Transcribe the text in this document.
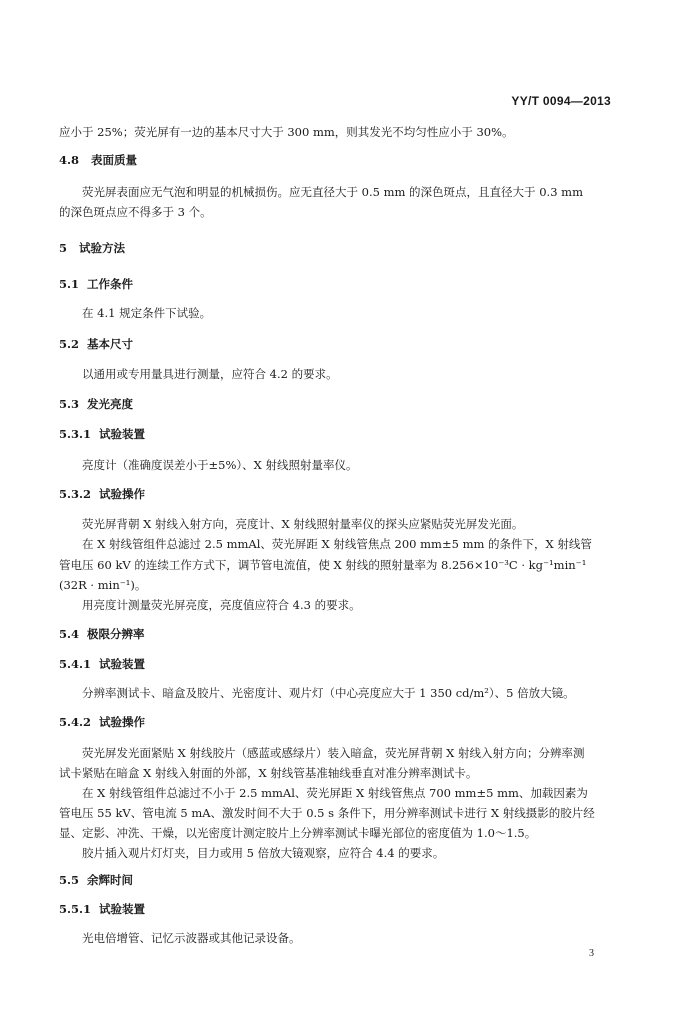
YY/T 0094—2013
应小于 25%；荧光屏有一边的基本尺寸大于 300 mm，则其发光不均匀性应小于 30%。
4.8 表面质量
荧光屏表面应无气泡和明显的机械损伤。应无直径大于 0.5 mm 的深色斑点，且直径大于 0.3 mm
的深色斑点应不得多于 3 个。
5 试验方法
5.1 工作条件
在 4.1 规定条件下试验。
5.2 基本尺寸
以通用或专用量具进行测量，应符合 4.2 的要求。
5.3 发光亮度
5.3.1 试验装置
亮度计（准确度误差小于±5%）、X 射线照射量率仪。
5.3.2 试验操作
荧光屏背朝 X 射线入射方向，亮度计、X 射线照射量率仪的探头应紧贴荧光屏发光面。
在 X 射线管组件总滤过 2.5 mmAl、荧光屏距 X 射线管焦点 200 mm±5 mm 的条件下，X 射线管
管电压 60 kV 的连续工作方式下，调节管电流值，使 X 射线的照射量率为 8.256×10⁻³C · kg⁻¹min⁻¹
(32R · min⁻¹)。
用亮度计测量荧光屏亮度，亮度值应符合 4.3 的要求。
5.4 极限分辨率
5.4.1 试验装置
分辨率测试卡、暗盒及胶片、光密度计、观片灯（中心亮度应大于 1 350 cd/m²）、5 倍放大镜。
5.4.2 试验操作
荧光屏发光面紧贴 X 射线胶片（感蓝或感绿片）装入暗盒，荧光屏背朝 X 射线入射方向；分辨率测
试卡紧贴在暗盒 X 射线入射面的外部，X 射线管基准轴线垂直对准分辨率测试卡。
在 X 射线管组件总滤过不小于 2.5 mmAl、荧光屏距 X 射线管焦点 700 mm±5 mm、加载因素为
管电压 55 kV、管电流 5 mA、激发时间不大于 0.5 s 条件下，用分辨率测试卡进行 X 射线摄影的胶片经
显、定影、冲洗、干燥，以光密度计测定胶片上分辨率测试卡曝光部位的密度值为 1.0～1.5。
胶片插入观片灯灯夹，目力或用 5 倍放大镜观察，应符合 4.4 的要求。
5.5 余辉时间
5.5.1 试验装置
光电倍增管、记忆示波器或其他记录设备。
3
